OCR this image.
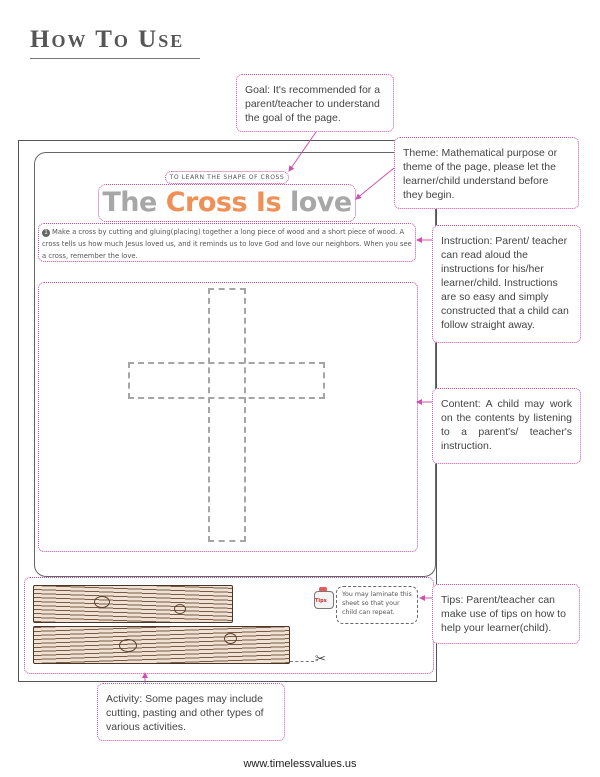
How To Use
TO LEARN THE SHAPE OF CROSS
The Cross Is love
1 Make a cross by cutting and gluing(placing) together a long piece of wood and a short piece of wood. A cross tells us how much Jesus loved us, and it reminds us to love God and love our neighbors. When you see a cross, remember the love.
✂
Tips
You may laminate this sheet so that your child can repeat.
Goal: It's recommended for a parent/teacher to understand the goal of the page.
Theme: Mathematical purpose or theme of the page, please let the learner/child understand before they begin.
Instruction: Parent/ teacher can read aloud the instructions for his/her learner/child. Instructions are so easy and simply constructed that a child can follow straight away.
Content: A child may work on the contents by listening to a parent's/ teacher's instruction.
Tips: Parent/teacher can make use of tips on how to help your learner(child).
Activity: Some pages may include cutting, pasting and other types of various activities.
www.timelessvalues.us
